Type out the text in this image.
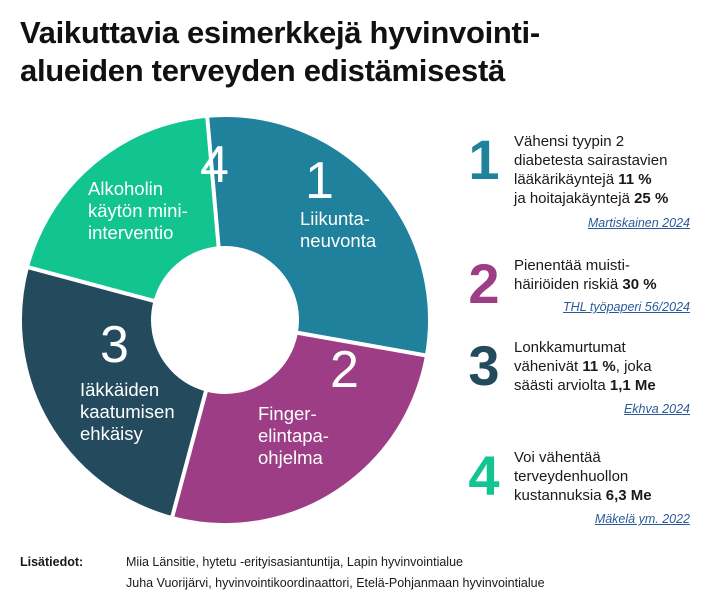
Vaikuttavia esimerkkejä hyvinvointi-
alueiden terveyden edistämisestä
1
Liikunta-
neuvonta
2
Finger-
elintapa-
ohjelma
3
Iäkkäiden
kaatumisen
ehkäisy
4
Alkoholin
käytön mini-
interventio
1 Vähensi tyypin 2
diabetesta sairastavien
lääkärikäyntejä 11 %
ja hoitajakäyntejä 25 %
Martiskainen 2024
2 Pienentää muisti-
häiriöiden riskiä 30 %
THL työpaperi 56/2024
3 Lonkkamurtumat
vähenivät 11 %, joka
säästi arviolta 1,1 Me
Ekhva 2024
4 Voi vähentää
terveydenhuollon
kustannuksia 6,3 Me
Mäkelä ym. 2022
Lisätiedot:	Miia Länsitie, hytetu -erityisasiantuntija, Lapin hyvinvointialue
Juha Vuorijärvi, hyvinvointikoordinaattori, Etelä-Pohjanmaan hyvinvointialue
